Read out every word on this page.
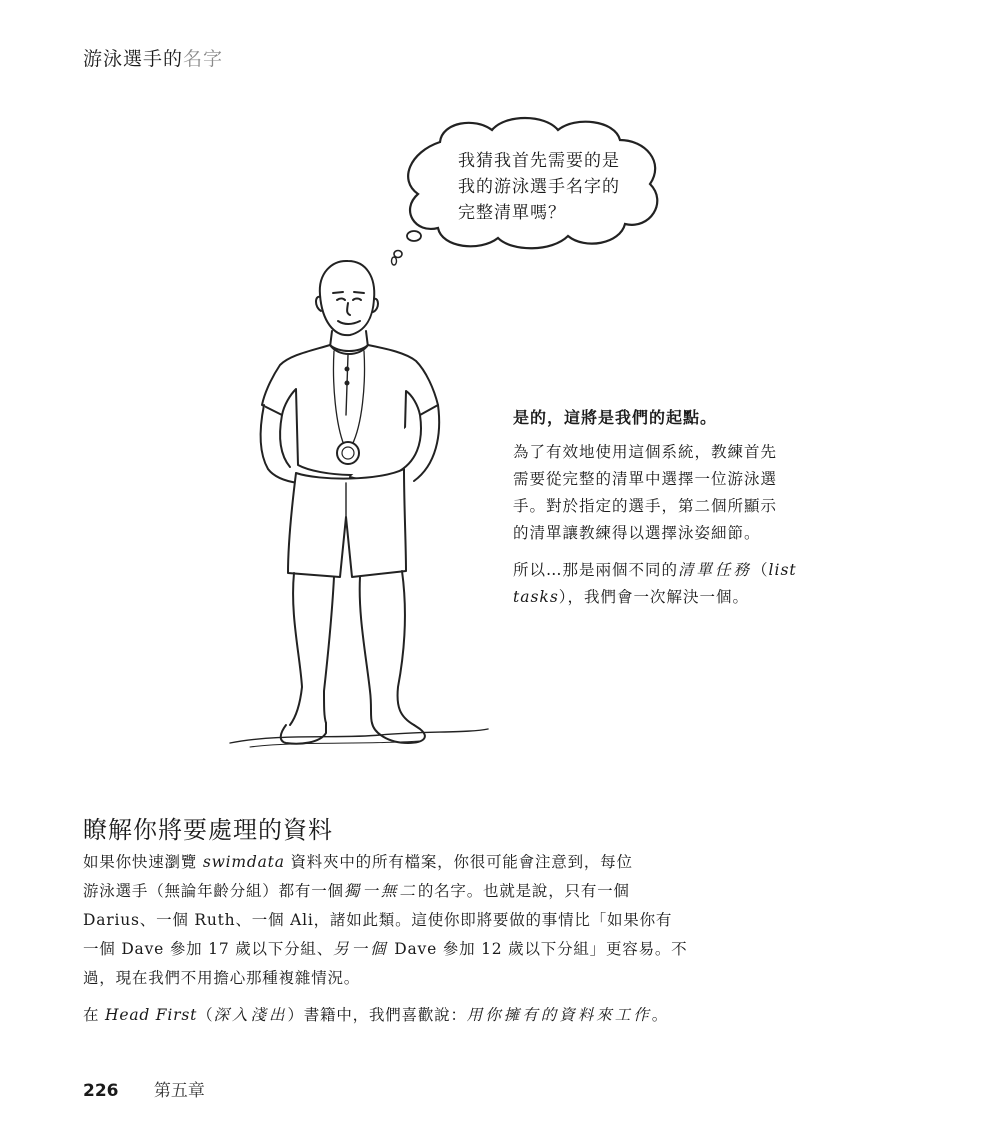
游泳選手的名字
我猜我首先需要的是
我的游泳選手名字的
完整清單嗎？
是的，這將是我們的起點。

為了有效地使用這個系統，教練首先
需要從完整的清單中選擇一位游泳選
手。對於指定的選手，第二個所顯示
的清單讓教練得以選擇泳姿細節。

所以…那是兩個不同的清單任務（list
tasks），我們會一次解決一個。

瞭解你將要處理的資料

如果你快速瀏覽 swimdata 資料夾中的所有檔案，你很可能會注意到，每位
游泳選手（無論年齡分組）都有一個獨一無二的名字。也就是說，只有一個
Darius、一個 Ruth、一個 Ali，諸如此類。這使你即將要做的事情比「如果你有
一個 Dave 參加 17 歲以下分組、另一個 Dave 參加 12 歲以下分組」更容易。不
過，現在我們不用擔心那種複雜情況。

在 Head First（深入淺出）書籍中，我們喜歡說：用你擁有的資料來工作。

226 第五章
